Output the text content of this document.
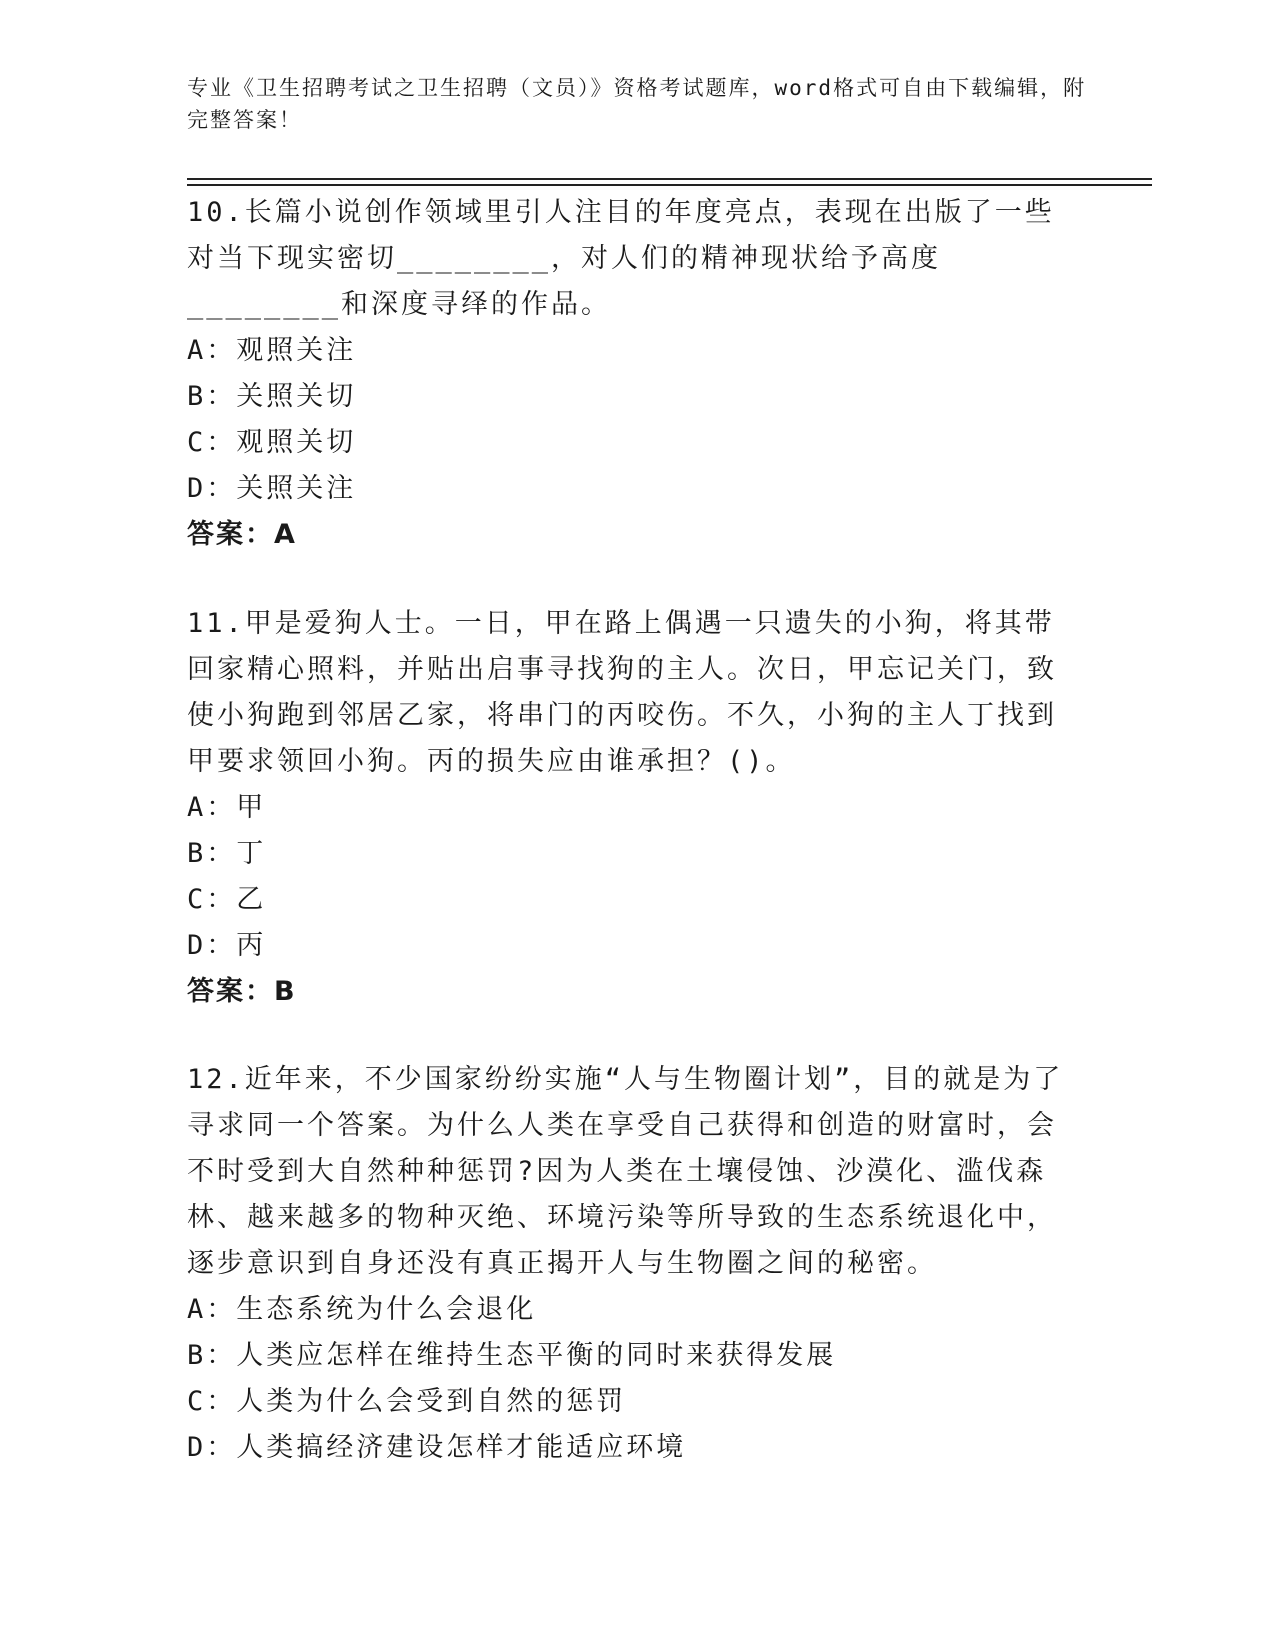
专业《卫生招聘考试之卫生招聘（文员）》资格考试题库，word格式可自由下载编辑，附完整答案！
10.长篇小说创作领域里引人注目的年度亮点，表现在出版了一些对当下现实密切________，对人们的精神现状给予高度________和深度寻绎的作品。
A：观照关注
B：关照关切
C：观照关切
D：关照关注
答案：A
11.甲是爱狗人士。一日，甲在路上偶遇一只遗失的小狗，将其带回家精心照料，并贴出启事寻找狗的主人。次日，甲忘记关门，致使小狗跑到邻居乙家，将串门的丙咬伤。不久，小狗的主人丁找到甲要求领回小狗。丙的损失应由谁承担？()。
A：甲
B：丁
C：乙
D：丙
答案：B
12.近年来，不少国家纷纷实施“人与生物圈计划”，目的就是为了寻求同一个答案。为什么人类在享受自己获得和创造的财富时，会不时受到大自然种种惩罚?因为人类在土壤侵蚀、沙漠化、滥伐森林、越来越多的物种灭绝、环境污染等所导致的生态系统退化中，逐步意识到自身还没有真正揭开人与生物圈之间的秘密。
A：生态系统为什么会退化
B：人类应怎样在维持生态平衡的同时来获得发展
C：人类为什么会受到自然的惩罚
D：人类搞经济建设怎样才能适应环境
